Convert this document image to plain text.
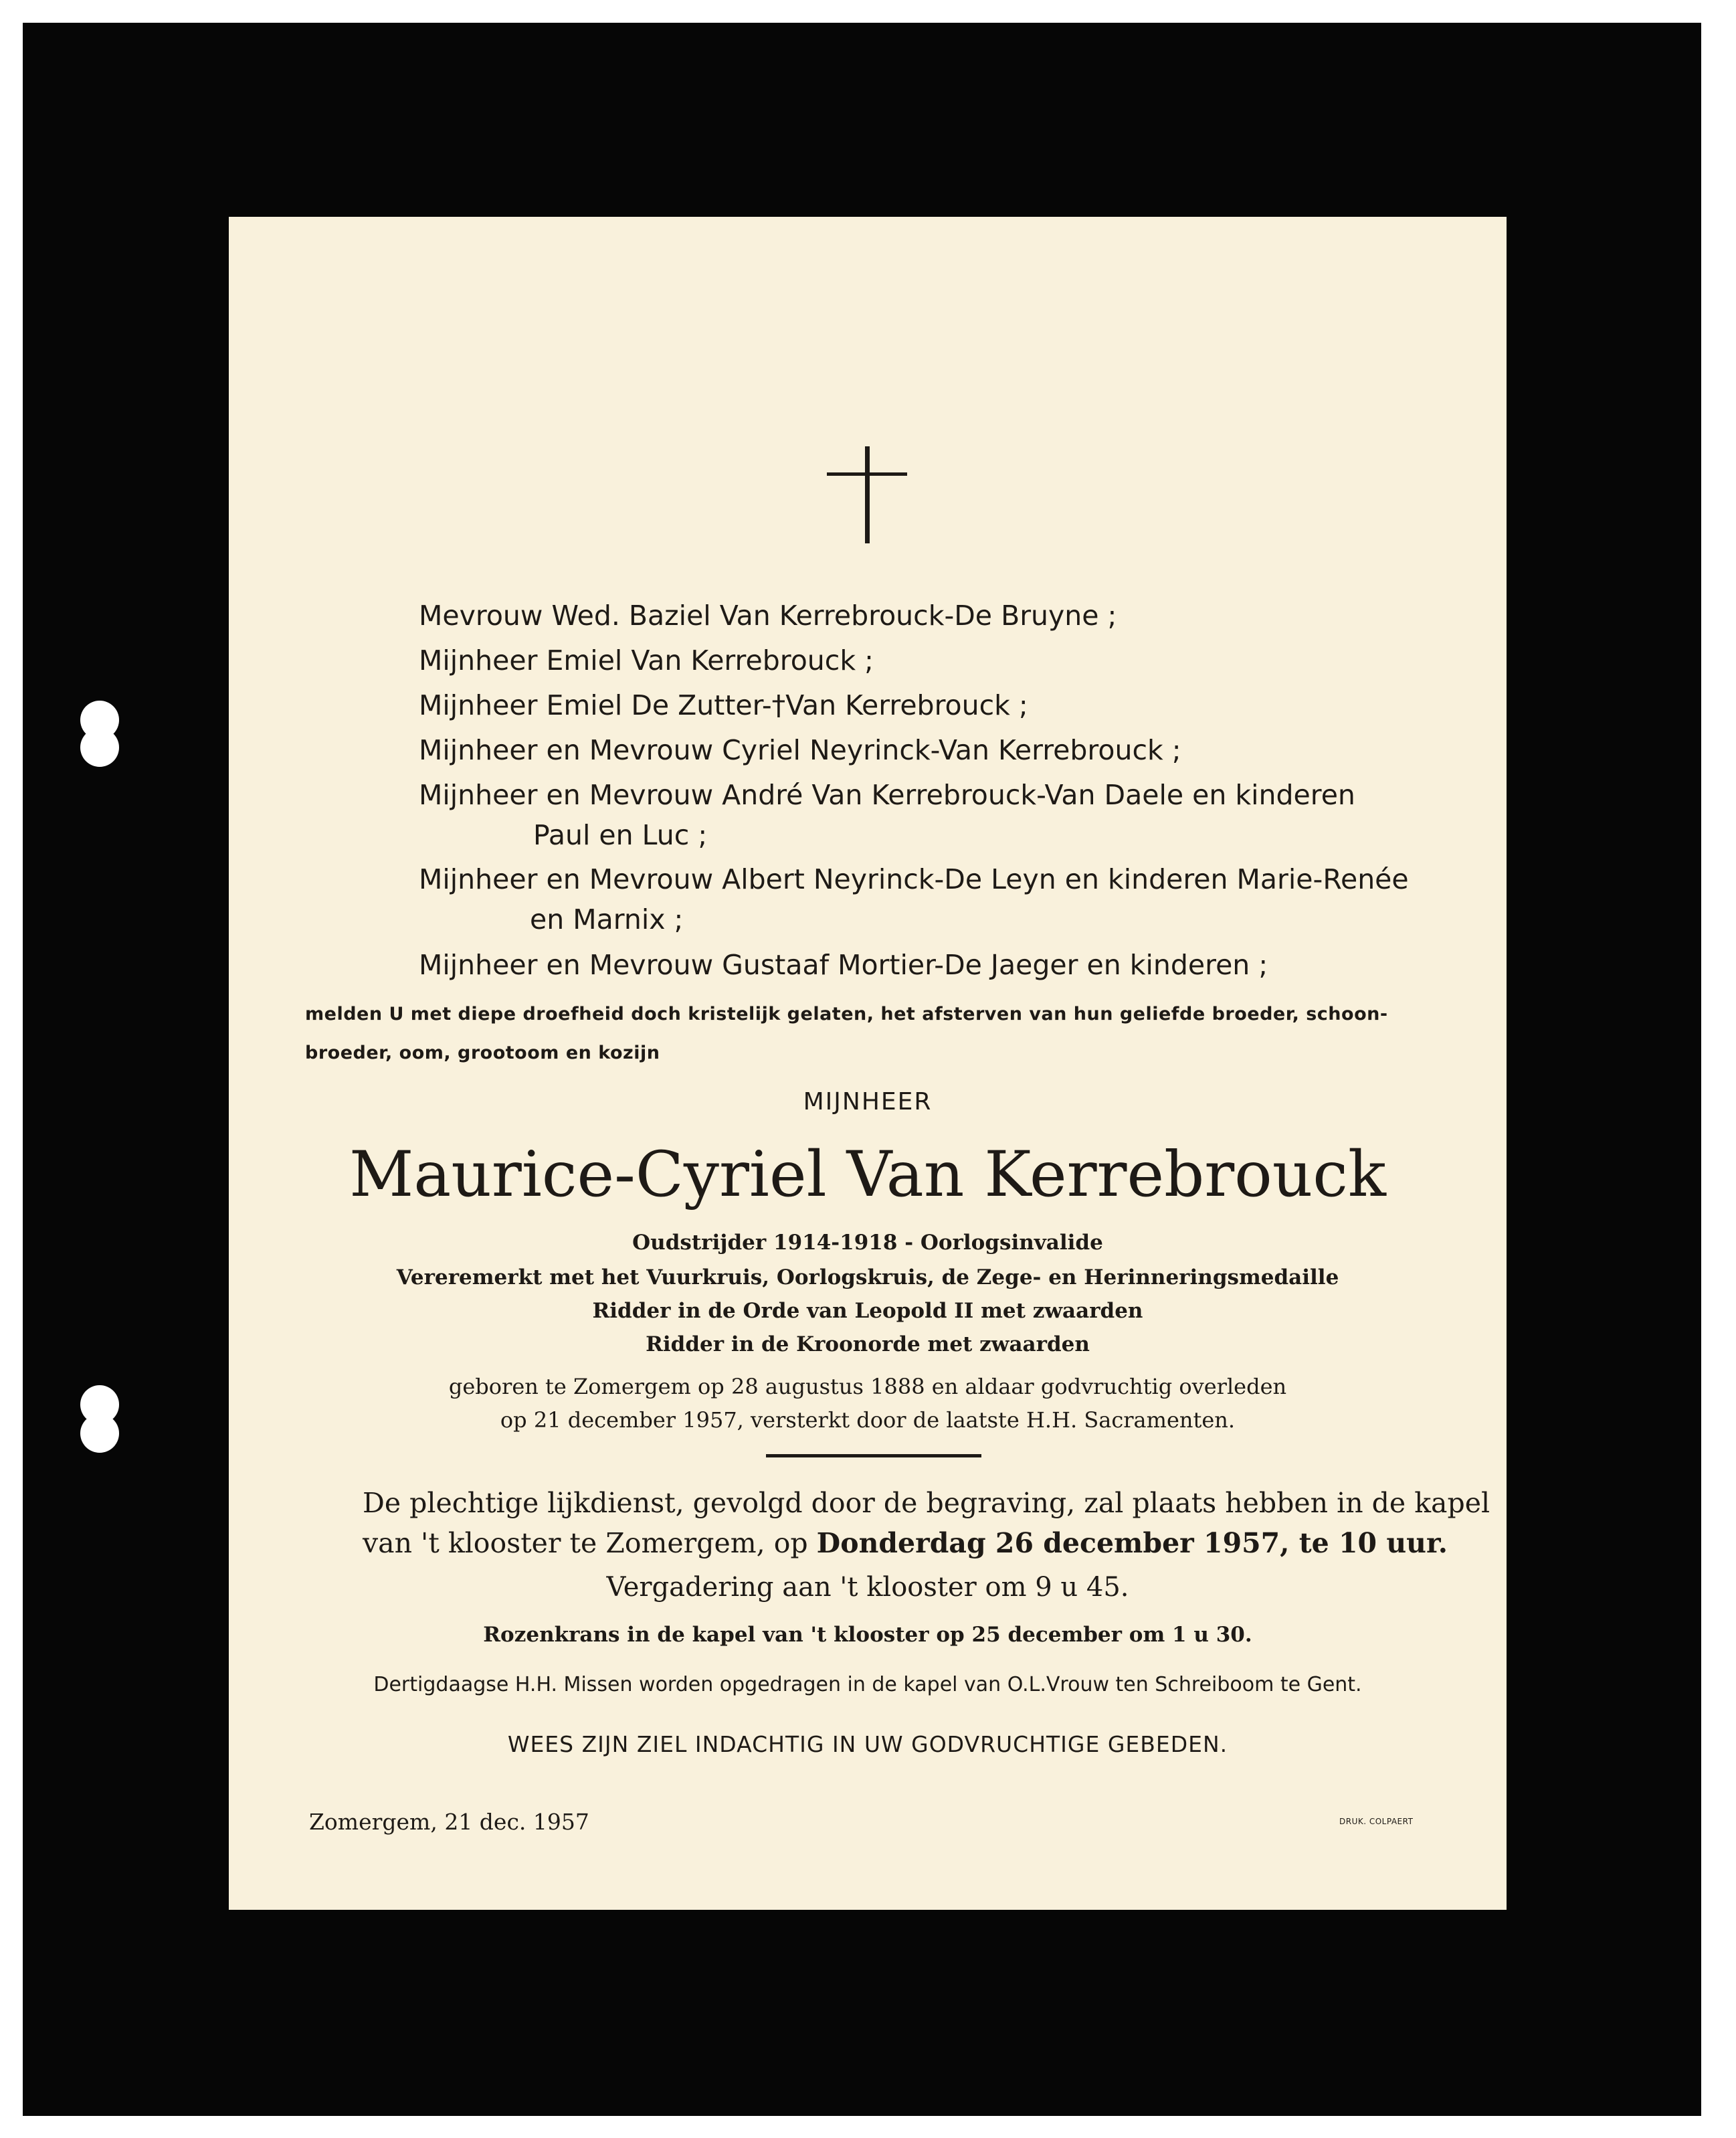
Mevrouw Wed. Baziel Van Kerrebrouck-De Bruyne ;
Mijnheer Emiel Van Kerrebrouck ;
Mijnheer Emiel De Zutter-†Van Kerrebrouck ;
Mijnheer en Mevrouw Cyriel Neyrinck-Van Kerrebrouck ;
Mijnheer en Mevrouw André Van Kerrebrouck-Van Daele en kinderen
Paul en Luc ;
Mijnheer en Mevrouw Albert Neyrinck-De Leyn en kinderen Marie-Renée
en Marnix ;
Mijnheer en Mevrouw Gustaaf Mortier-De Jaeger en kinderen ;
melden U met diepe droefheid doch kristelijk gelaten, het afsterven van hun geliefde broeder, schoon-
broeder, oom, grootoom en kozijn
MIJNHEER
Maurice-Cyriel Van Kerrebrouck
Oudstrijder 1914-1918 - Oorlogsinvalide
Vereremerkt met het Vuurkruis, Oorlogskruis, de Zege- en Herinneringsmedaille
Ridder in de Orde van Leopold II met zwaarden
Ridder in de Kroonorde met zwaarden
geboren te Zomergem op 28 augustus 1888 en aldaar godvruchtig overleden
op 21 december 1957, versterkt door de laatste H.H. Sacramenten.
De plechtige lijkdienst, gevolgd door de begraving, zal plaats hebben in de kapel
van 't klooster te Zomergem, op Donderdag 26 december 1957, te 10 uur.
Vergadering aan 't klooster om 9 u 45.
Rozenkrans in de kapel van 't klooster op 25 december om 1 u 30.
Dertigdaagse H.H. Missen worden opgedragen in de kapel van O.L.Vrouw ten Schreiboom te Gent.
WEES ZIJN ZIEL INDACHTIG IN UW GODVRUCHTIGE GEBEDEN.
Zomergem, 21 dec. 1957	DRUK. COLPAERT
